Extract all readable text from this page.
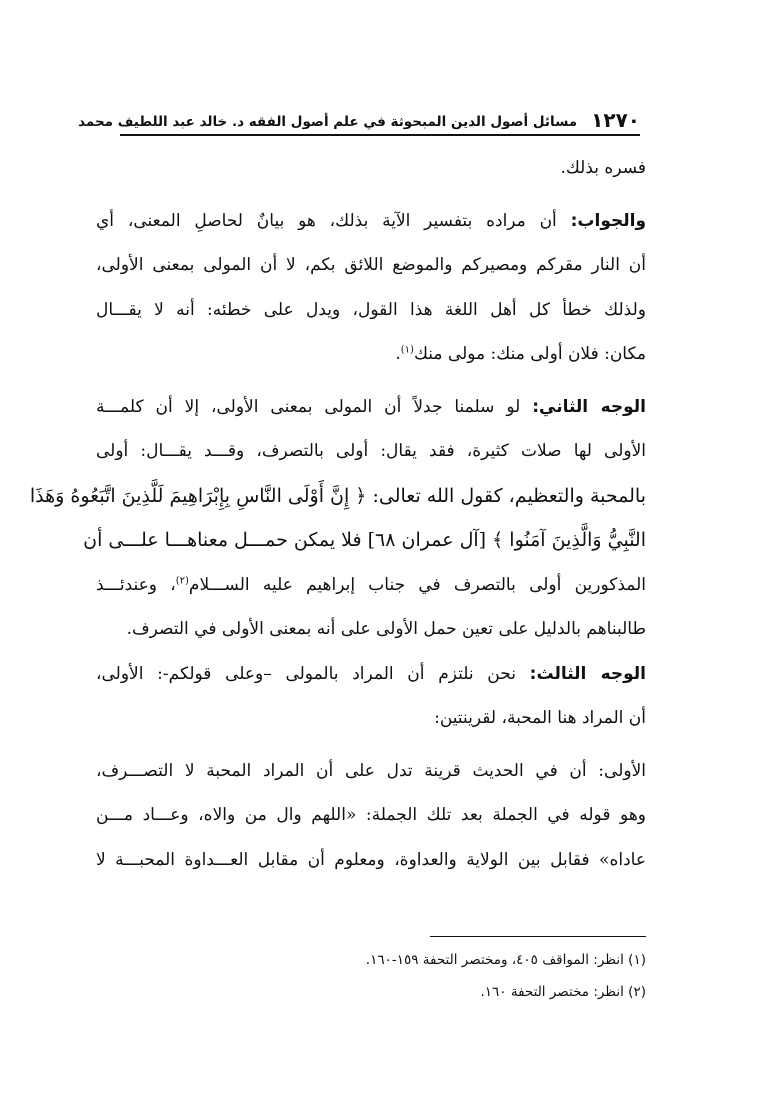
١٢٧٠
مسائل أصول الدين المبحوثة في علم أصول الفقه د. خالد عبد اللطيف محمد
فسره بذلك.
والجواب: أن مراده بتفسير الآية بذلك، هو بيانٌ لحاصلِ المعنى، أي
أن النار مقركم ومصيركم والموضع اللائق بكم، لا أن المولى بمعنى الأولى،
ولذلك خطأ كل أهل اللغة هذا القول، ويدل على خطئه: أنه لا يقـــال
مكان: فلان أولى منك: مولى منك$^{(١)}$.
الوجه الثاني: لو سلمنا جدلاً أن المولى بمعنى الأولى، إلا أن كلمـــة
الأولى لها صلات كثيرة، فقد يقال: أولى بالتصرف، وقـــد يقـــال: أولى
بالمحبة والتعظيم، كقول الله تعالى: ﴿ إِنَّ أَوْلَى النَّاسِ بِإِبْرَاهِيمَ لَلَّذِينَ اتَّبَعُوهُ وَهَذَا
النَّبِيُّ وَالَّذِينَ آمَنُوا ﴾ [آل عمران ٦٨] فلا يمكن حمـــل معناهـــا علـــى أن
المذكورين أولى بالتصرف في جناب إبراهيم عليه الســـلام$^{(٢)}$، وعندئـــذ
طالبناهم بالدليل على تعين حمل الأولى على أنه بمعنى الأولى في التصرف.
الوجه الثالث: نحن نلتزم أن المراد بالمولى –وعلى قولكم-: الأولى،
أن المراد هنا المحبة، لقرينتين:
الأولى: أن في الحديث قرينة تدل على أن المراد المحبة لا التصـــرف،
وهو قوله في الجملة بعد تلك الجملة: «اللهم وال من والاه، وعـــاد مـــن
عاداه» فقابل بين الولاية والعداوة، ومعلوم أن مقابل العـــداوة المحبـــة لا
(١) انظر: المواقف ٤٠٥، ومختصر التحفة ١٥٩-١٦٠.
(٢) انظر: مختصر التحفة ١٦٠.
